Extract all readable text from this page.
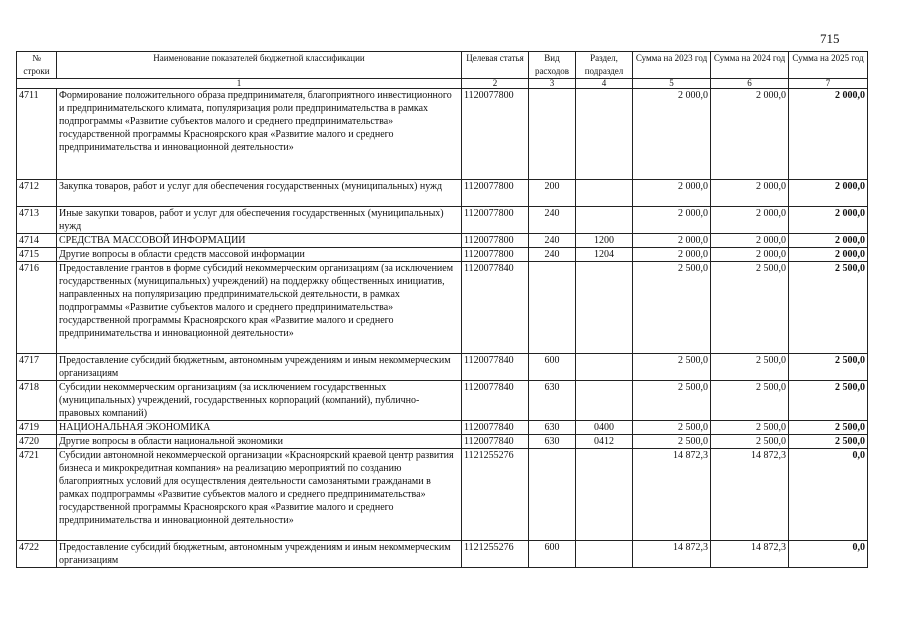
715
№ строки	Наименование показателей бюджетной классификации	Целевая статья	Вид расходов	Раздел, подраздел	Сумма на 2023 год	Сумма на 2024 год	Сумма на 2025 год
1		2	3	4	5	6	7
4711	Формирование положительного образа предпринимателя, благоприятного инвестиционного и предпринимательского климата, популяризация роли предпринимательства в рамках подпрограммы «Развитие субъектов малого и среднего предпринимательства» государственной программы Красноярского края «Развитие малого и среднего предпринимательства и инновационной деятельности»	1120077800			2 000,0	2 000,0	2 000,0
4712	Закупка товаров, работ и услуг для обеспечения государственных (муниципальных) нужд	1120077800	200		2 000,0	2 000,0	2 000,0
4713	Иные закупки товаров, работ и услуг для обеспечения государственных (муниципальных) нужд	1120077800	240		2 000,0	2 000,0	2 000,0
4714	СРЕДСТВА МАССОВОЙ ИНФОРМАЦИИ	1120077800	240	1200	2 000,0	2 000,0	2 000,0
4715	Другие вопросы в области средств массовой информации	1120077800	240	1204	2 000,0	2 000,0	2 000,0
4716	Предоставление грантов в форме субсидий некоммерческим организациям (за исключением государственных (муниципальных) учреждений) на поддержку общественных инициатив, направленных на популяризацию предпринимательской деятельности, в рамках подпрограммы «Развитие субъектов малого и среднего предпринимательства» государственной программы Красноярского края «Развитие малого и среднего предпринимательства и инновационной деятельности»	1120077840			2 500,0	2 500,0	2 500,0
4717	Предоставление субсидий бюджетным, автономным учреждениям и иным некоммерческим организациям	1120077840	600		2 500,0	2 500,0	2 500,0
4718	Субсидии некоммерческим организациям (за исключением государственных (муниципальных) учреждений, государственных корпораций (компаний), публично-правовых компаний)	1120077840	630		2 500,0	2 500,0	2 500,0
4719	НАЦИОНАЛЬНАЯ ЭКОНОМИКА	1120077840	630	0400	2 500,0	2 500,0	2 500,0
4720	Другие вопросы в области национальной экономики	1120077840	630	0412	2 500,0	2 500,0	2 500,0
4721	Субсидии автономной некоммерческой организации «Красноярский краевой центр развития бизнеса и микрокредитная компания» на реализацию мероприятий по созданию благоприятных условий для осуществления деятельности самозанятыми гражданами в рамках подпрограммы «Развитие субъектов малого и среднего предпринимательства» государственной программы Красноярского края «Развитие малого и среднего предпринимательства и инновационной деятельности»	1121255276			14 872,3	14 872,3	0,0
4722	Предоставление субсидий бюджетным, автономным учреждениям и иным некоммерческим организациям	1121255276	600		14 872,3	14 872,3	0,0
